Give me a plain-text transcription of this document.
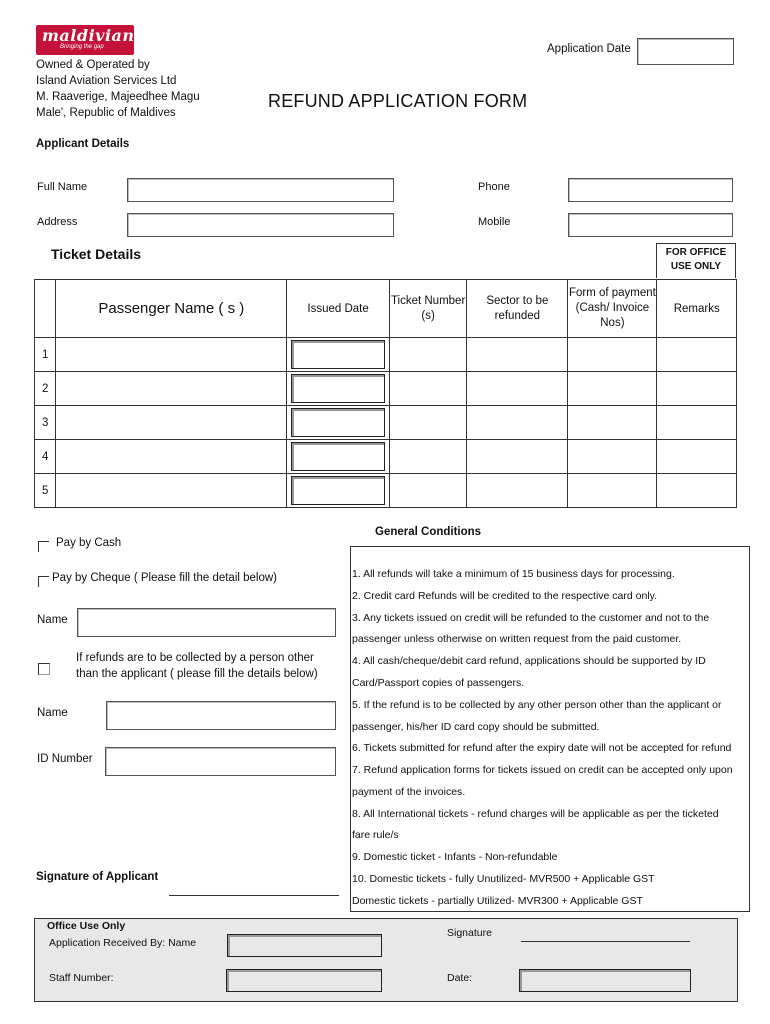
maldivian
Bringing the gap
Owned & Operated by
Island Aviation Services Ltd
M. Raaverige, Majeedhee Magu
Male', Republic of Maldives
Application Date
REFUND APPLICATION FORM
Applicant Details
Full Name	Phone
Address	Mobile
Ticket Details	FOR OFFICE USE ONLY
	Passenger Name ( s )	Issued Date	Ticket Number (s)	Sector to be refunded	Form of payment (Cash/ Invoice Nos)	Remarks
1		

2		

3		

4		

5		

Pay by Cash
Pay by Cheque ( Please fill the detail below)
Name
If refunds are to be collected by a person other than the applicant ( please fill the details below)
Name
ID Number
Signature of Applicant
General Conditions
1. All refunds will take a minimum of 15 business days for processing.
2. Credit card Refunds will be credited to the respective card only.
3. Any tickets issued on credit will be refunded to the customer and not to the
passenger unless otherwise on written request from the paid customer.
4. All cash/cheque/debit card refund, applications should be supported by ID
Card/Passport copies of passengers.
5. If the refund is to be collected by any other person other than the applicant or
passenger, his/her ID card copy should be submitted.
6. Tickets submitted for refund after the expiry date will not be accepted for refund
7. Refund application forms for tickets issued on credit can be accepted only upon
payment of the invoices.
8. All International tickets - refund charges will be applicable as per the ticketed
fare rule/s
9. Domestic ticket - Infants - Non-refundable
10. Domestic tickets - fully Unutilized- MVR500 + Applicable GST
Domestic tickets - partially Utilized- MVR300 + Applicable GST
Office Use Only
Application Received By: Name
Staff Number:
Signature
Date:
